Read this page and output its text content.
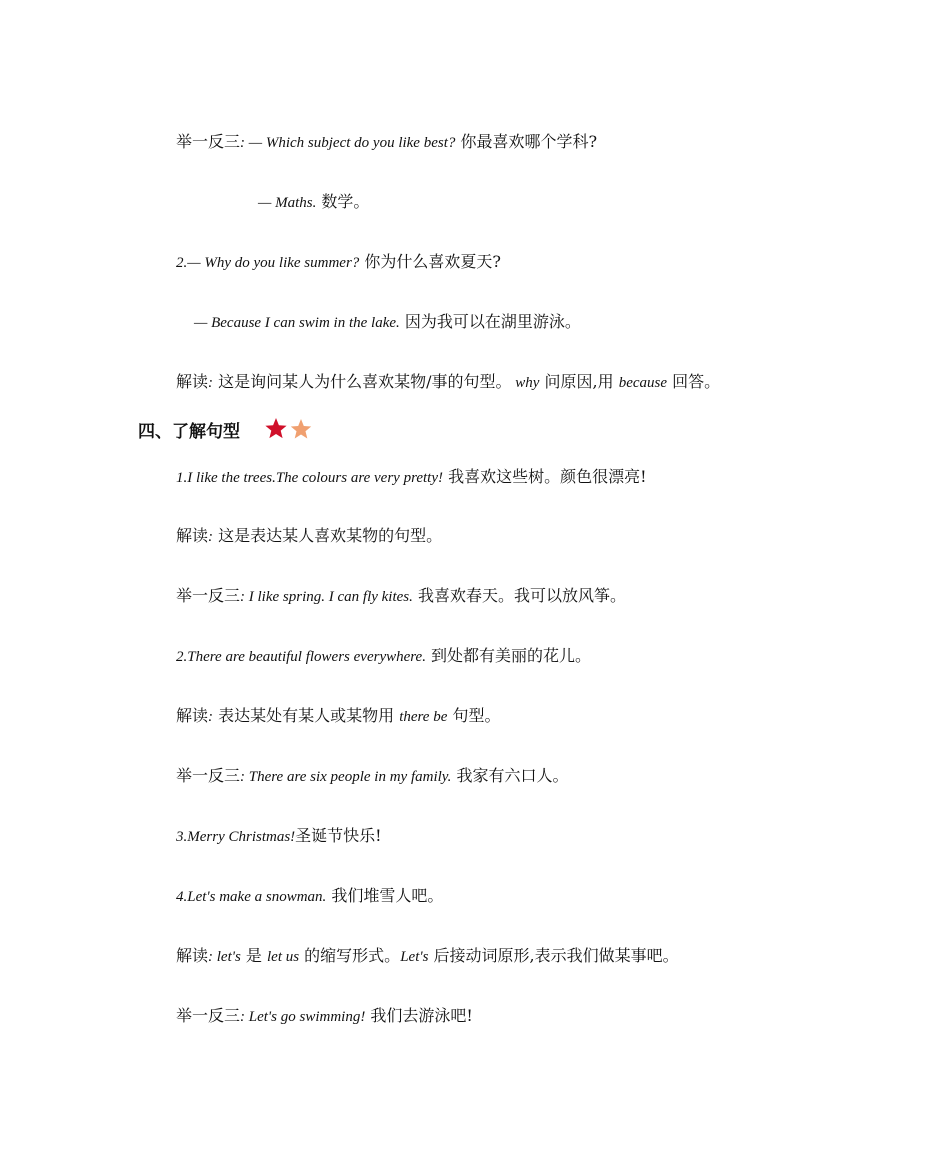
举一反三: — Which subject do you like best? 你最喜欢哪个学科?
— Maths. 数学。
2.— Why do you like summer? 你为什么喜欢夏天?
— Because I can swim in the lake. 因为我可以在湖里游泳。
解读: 这是询问某人为什么喜欢某物/事的句型。 why 问原因,用 because 回答。
四、了解句型
1.I like the trees.The colours are very pretty! 我喜欢这些树。颜色很漂亮!
解读: 这是表达某人喜欢某物的句型。
举一反三: I like spring. I can fly kites. 我喜欢春天。我可以放风筝。
2.There are beautiful flowers everywhere. 到处都有美丽的花儿。
解读: 表达某处有某人或某物用 there be 句型。
举一反三: There are six people in my family. 我家有六口人。
3.Merry Christmas!圣诞节快乐!
4.Let's make a snowman. 我们堆雪人吧。
解读: let's 是 let us 的缩写形式。Let's 后接动词原形,表示我们做某事吧。
举一反三: Let's go swimming! 我们去游泳吧!
